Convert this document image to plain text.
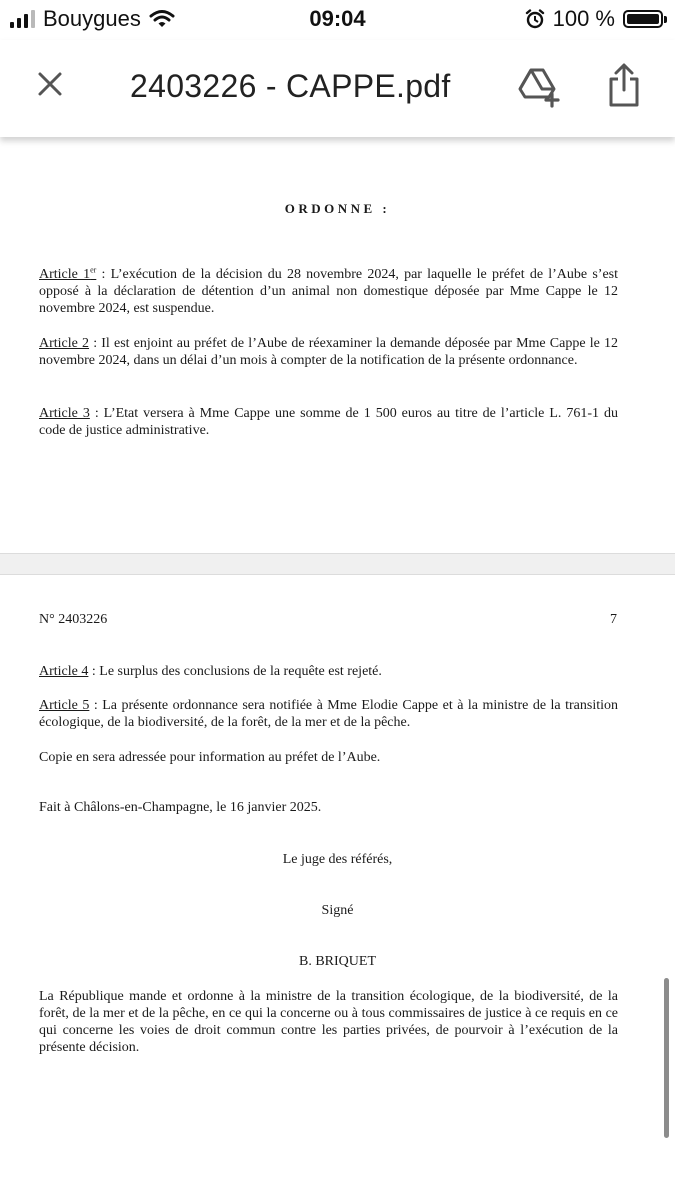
Bouygues	09:04	100 %
2403226 - CAPPE.pdf
ORDONNE :
Article 1er : L’exécution de la décision du 28 novembre 2024, par laquelle le préfet de l’Aube s’est opposé à la déclaration de détention d’un animal non domestique déposée par Mme Cappe le 12 novembre 2024, est suspendue.
Article 2 : Il est enjoint au préfet de l’Aube de réexaminer la demande déposée par Mme Cappe le 12 novembre 2024, dans un délai d’un mois à compter de la notification de la présente ordonnance.
Article 3 : L’Etat versera à Mme Cappe une somme de 1 500 euros au titre de l’article L. 761-1 du code de justice administrative.
N° 2403226	7
Article 4 : Le surplus des conclusions de la requête est rejeté.
Article 5 : La présente ordonnance sera notifiée à Mme Elodie Cappe et à la ministre de la transition écologique, de la biodiversité, de la forêt, de la mer et de la pêche.
Copie en sera adressée pour information au préfet de l’Aube.
Fait à Châlons-en-Champagne, le 16 janvier 2025.
Le juge des référés,
Signé
B. BRIQUET
La République mande et ordonne à la ministre de la transition écologique, de la biodiversité, de la forêt, de la mer et de la pêche, en ce qui la concerne ou à tous commissaires de justice à ce requis en ce qui concerne les voies de droit commun contre les parties privées, de pourvoir à l’exécution de la présente décision.
